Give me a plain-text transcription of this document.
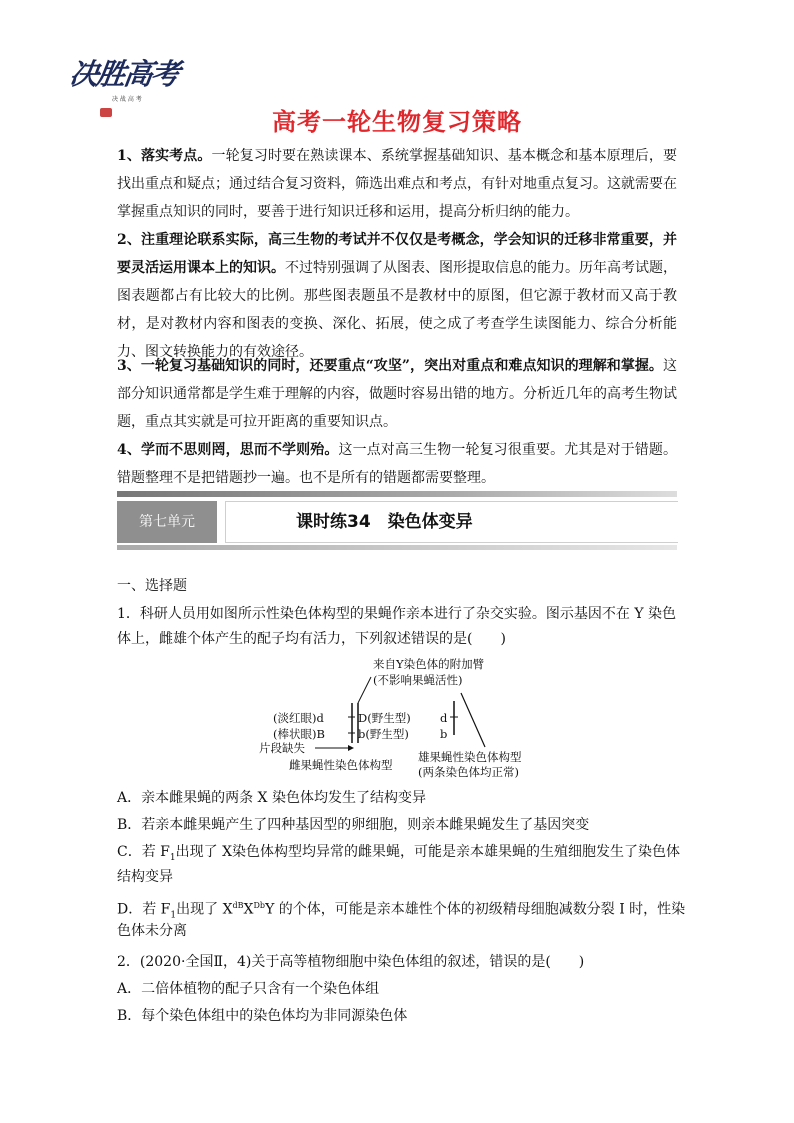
决胜高考
决 战 高 考
高考一轮生物复习策略

1、落实考点。一轮复习时要在熟读课本、系统掌握基础知识、基本概念和基本原理后，要找出重点和疑点；通过结合复习资料，筛选出难点和考点，有针对地重点复习。这就需要在掌握重点知识的同时，要善于进行知识迁移和运用，提高分析归纳的能力。

2、注重理论联系实际，高三生物的考试并不仅仅是考概念，学会知识的迁移非常重要，并要灵活运用课本上的知识。不过特别强调了从图表、图形提取信息的能力。历年高考试题，图表题都占有比较大的比例。那些图表题虽不是教材中的原图，但它源于教材而又高于教材，是对教材内容和图表的变换、深化、拓展，使之成了考查学生读图能力、综合分析能力、图文转换能力的有效途径。

3、一轮复习基础知识的同时，还要重点“攻坚”，突出对重点和难点知识的理解和掌握。这部分知识通常都是学生难于理解的内容，做题时容易出错的地方。分析近几年的高考生物试题，重点其实就是可拉开距离的重要知识点。

4、学而不思则罔，思而不学则殆。这一点对高三生物一轮复习很重要。尤其是对于错题。错题整理不是把错题抄一遍。也不是所有的错题都需要整理。

第七单元	课时练34　染色体变异

一、选择题

1．科研人员用如图所示性染色体构型的果蝇作亲本进行了杂交实验。图示基因不在 Y 染色

体上，雌雄个体产生的配子均有活力，下列叙述错误的是(　　)

来自Y染色体的附加臂
(不影响果蝇活性)
(淡红眼)d
(棒状眼)B
片段缺失
D(野生型)
b(野生型)
雌果蝇性染色体构型
d
b
雄果蝇性染色体构型
(两条染色体均正常)

A．亲本雌果蝇的两条 X 染色体均发生了结构变异

B．若亲本雌果蝇产生了四种基因型的卵细胞，则亲本雌果蝇发生了基因突变

C．若 $F_1$出现了 X染色体构型均异常的雌果蝇，可能是亲本雄果蝇的生殖细胞发生了染色体

结构变异

D．若 $F_1$出现了 $X^{dB}X^{Db}Y$ 的个体，可能是亲本雄性个体的初级精母细胞减数分裂 Ⅰ 时，性染

色体未分离

2．(2020·全国Ⅱ，4)关于高等植物细胞中染色体组的叙述，错误的是(　　)

A．二倍体植物的配子只含有一个染色体组

B．每个染色体组中的染色体均为非同源染色体
